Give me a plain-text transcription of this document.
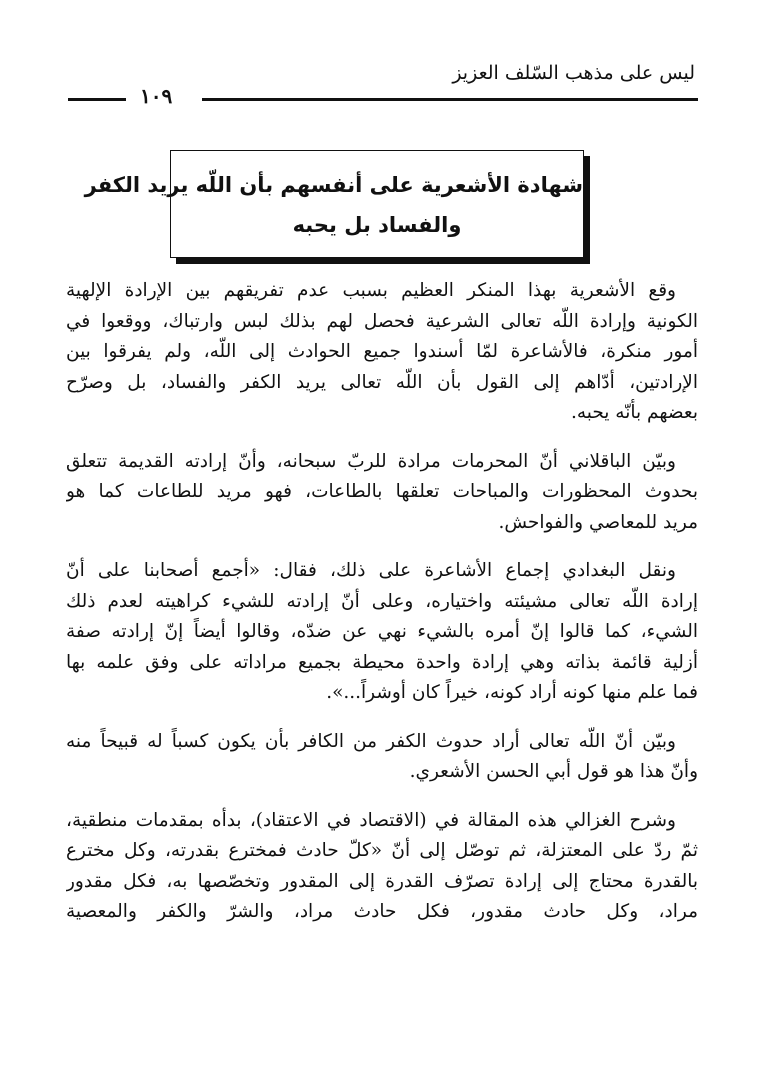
ليس على مذهب السّلف العزيز
١٠٩
شهادة الأشعرية على أنفسهم بأن اللّه يريد الكفر
والفساد بل يحبه

وقع الأشعرية بهذا المنكر العظيم بسبب عدم تفريقهم بين الإرادة الإلهية
الكونية وإرادة اللّه تعالى الشرعية فحصل لهم بذلك لبس وارتباك، ووقعوا في
أمور منكرة، فالأشاعرة لمّا أسندوا جميع الحوادث إلى اللّه، ولم يفرقوا بين
الإرادتين، أدّاهم إلى القول بأن اللّه تعالى يريد الكفر والفساد، بل وصرّح
بعضهم بأنّه يحبه.

وبيّن الباقلاني أنّ المحرمات مرادة للربّ سبحانه، وأنّ إرادته القديمة تتعلق
بحدوث المحظورات والمباحات تعلقها بالطاعات، فهو مريد للطاعات كما هو
مريد للمعاصي والفواحش.

ونقل البغدادي إجماع الأشاعرة على ذلك، فقال: «أجمع أصحابنا على أنّ
إرادة اللّه تعالى مشيئته واختياره، وعلى أنّ إرادته للشيء كراهيته لعدم ذلك
الشيء، كما قالوا إنّ أمره بالشيء نهي عن ضدّه، وقالوا أيضاً إنّ إرادته صفة
أزلية قائمة بذاته وهي إرادة واحدة محيطة بجميع مراداته على وفق علمه بها
فما علم منها كونه أراد كونه، خيراً كان أوشراً...».

وبيّن أنّ اللّه تعالى أراد حدوث الكفر من الكافر بأن يكون كسباً له قبيحاً منه
وأنّ هذا هو قول أبي الحسن الأشعري.

وشرح الغزالي هذه المقالة في (الاقتصاد في الاعتقاد)، بدأه بمقدمات منطقية،
ثمّ ردّ على المعتزلة، ثم توصّل إلى أنّ «كلّ حادث فمخترع بقدرته، وكل مخترع
بالقدرة محتاج إلى إرادة تصرّف القدرة إلى المقدور وتخصّصها به، فكل مقدور
مراد، وكل حادث مقدور، فكل حادث مراد، والشرّ والكفر والمعصية
